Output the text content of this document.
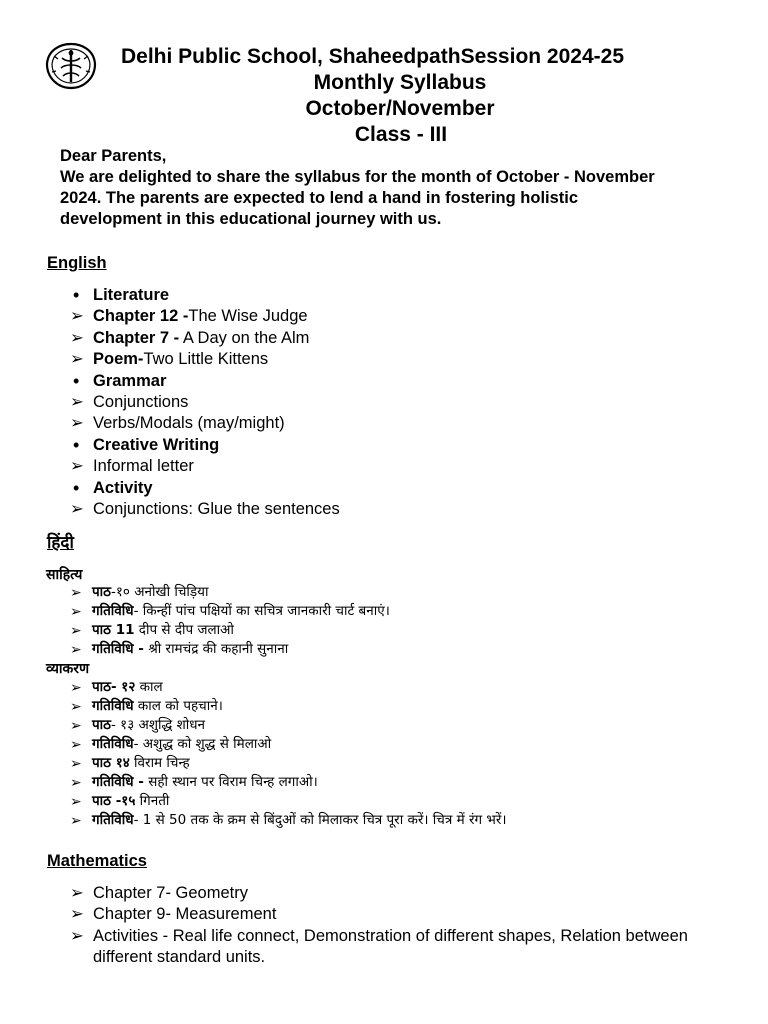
Delhi Public School, ShaheedpathSession 2024-25
Monthly Syllabus
October/November
Class - III
Dear Parents,
We are delighted to share the syllabus for the month of October - November
2024. The parents are expected to lend a hand in fostering holistic
development in this educational journey with us.
English
• Literature
➢ Chapter 12 -The Wise Judge
➢ Chapter 7 - A Day on the Alm
➢ Poem-Two Little Kittens
• Grammar
➢ Conjunctions
➢ Verbs/Modals (may/might)
• Creative Writing
➢ Informal letter
• Activity
➢ Conjunctions: Glue the sentences
हिंदी
साहित्य
➢ पाठ-१० अनोखी चिड़िया
➢ गतिविधि- किन्हीं पांच पक्षियों का सचित्र जानकारी चार्ट बनाएं।
➢ पाठ 11 दीप से दीप जलाओ
➢ गतिविधि - श्री रामचंद्र की कहानी सुनाना
व्याकरण
➢ पाठ- १२ काल
➢ गतिविधि काल को पहचाने।
➢ पाठ- १३ अशुद्धि शोधन
➢ गतिविधि- अशुद्ध को शुद्ध से मिलाओ
➢ पाठ १४ विराम चिन्ह
➢ गतिविधि - सही स्थान पर विराम चिन्ह लगाओ।
➢ पाठ -१५ गिनती
➢ गतिविधि- 1 से 50 तक के क्रम से बिंदुओं को मिलाकर चित्र पूरा करें। चित्र में रंग भरें।
Mathematics
➢ Chapter 7- Geometry
➢ Chapter 9- Measurement
➢ Activities - Real life connect, Demonstration of different shapes, Relation between different standard units.
